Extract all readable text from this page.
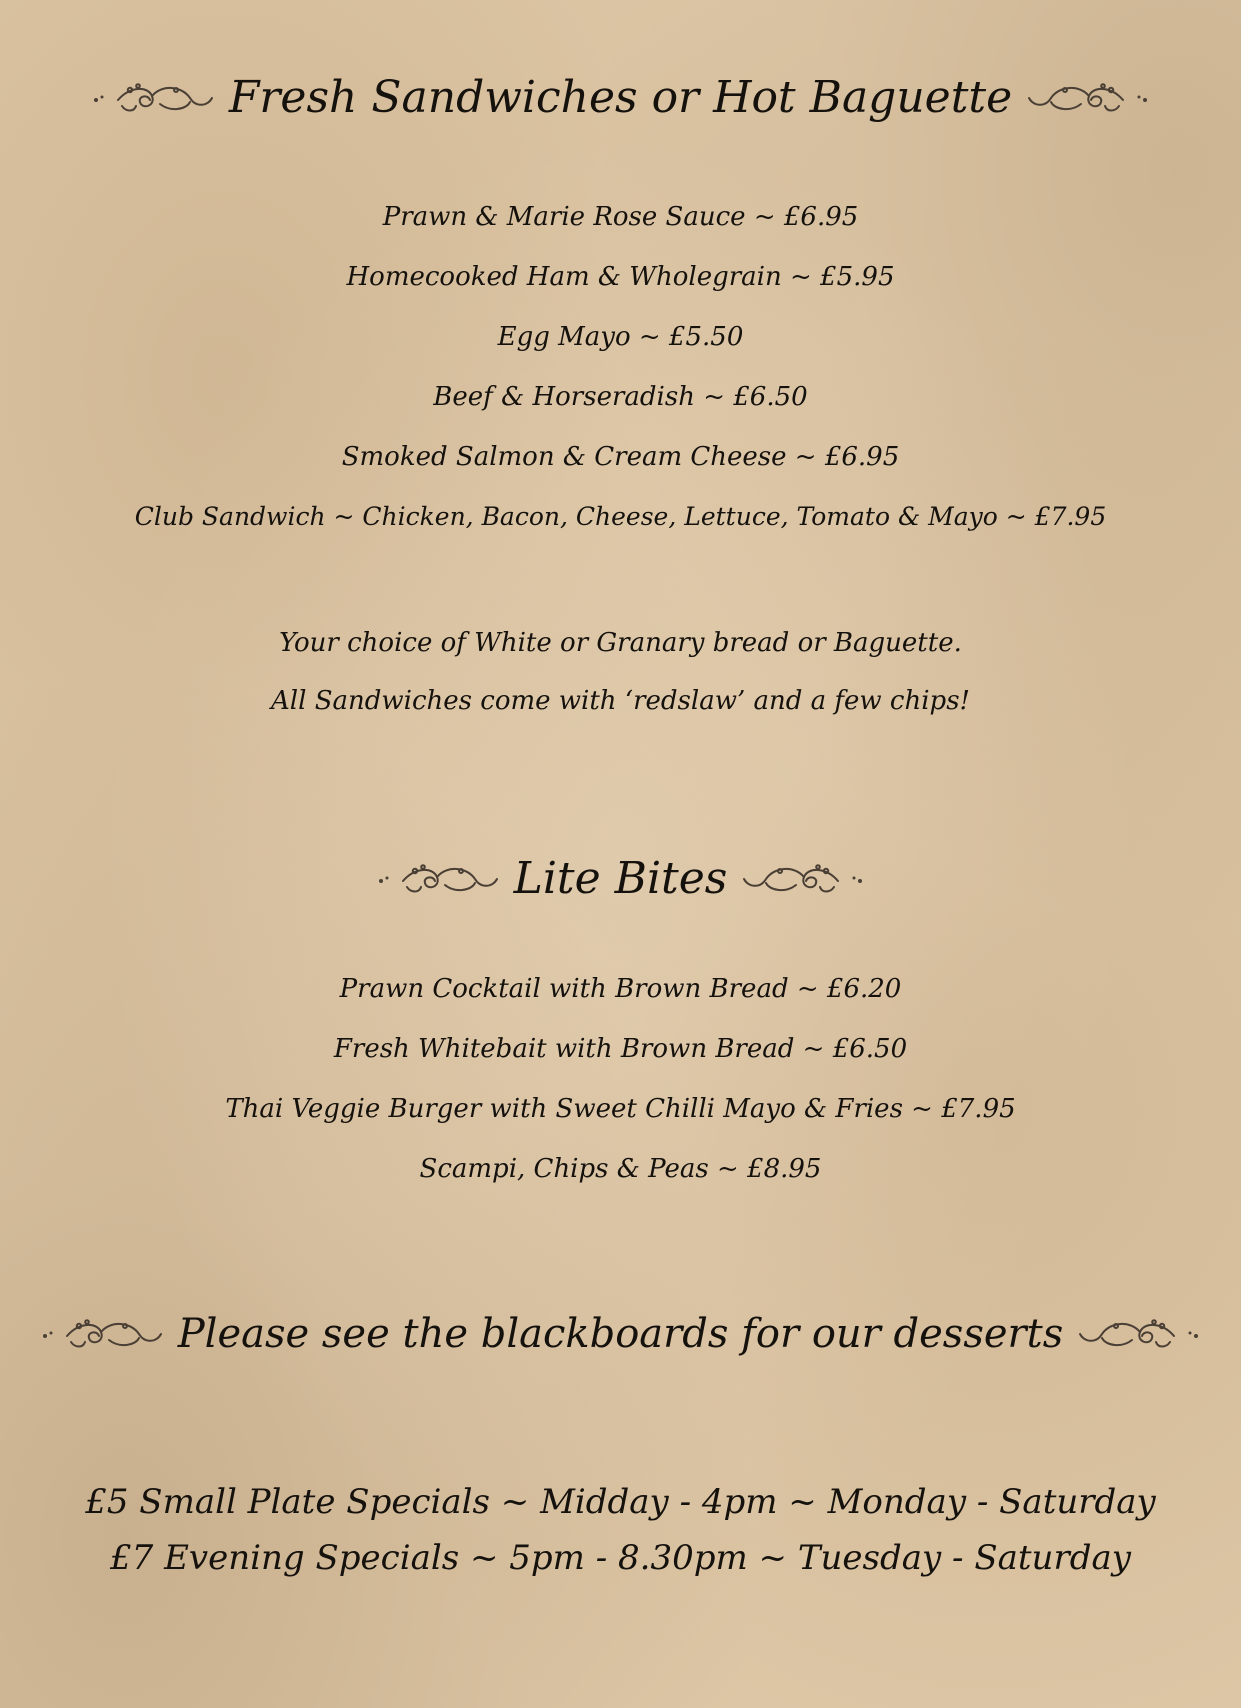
Fresh Sandwiches or Hot Baguette
Prawn & Marie Rose Sauce ~ £6.95
Homecooked Ham & Wholegrain ~ £5.95
Egg Mayo ~ £5.50
Beef & Horseradish ~ £6.50
Smoked Salmon & Cream Cheese ~ £6.95
Club Sandwich ~ Chicken, Bacon, Cheese, Lettuce, Tomato & Mayo ~ £7.95
Your choice of White or Granary bread or Baguette.
All Sandwiches come with ‘redslaw’ and a few chips!
Lite Bites
Prawn Cocktail with Brown Bread ~ £6.20
Fresh Whitebait with Brown Bread ~ £6.50
Thai Veggie Burger with Sweet Chilli Mayo & Fries ~ £7.95
Scampi, Chips & Peas ~ £8.95
Please see the blackboards for our desserts
£5 Small Plate Specials ~ Midday - 4pm ~ Monday - Saturday
£7 Evening Specials ~ 5pm - 8.30pm ~ Tuesday - Saturday
